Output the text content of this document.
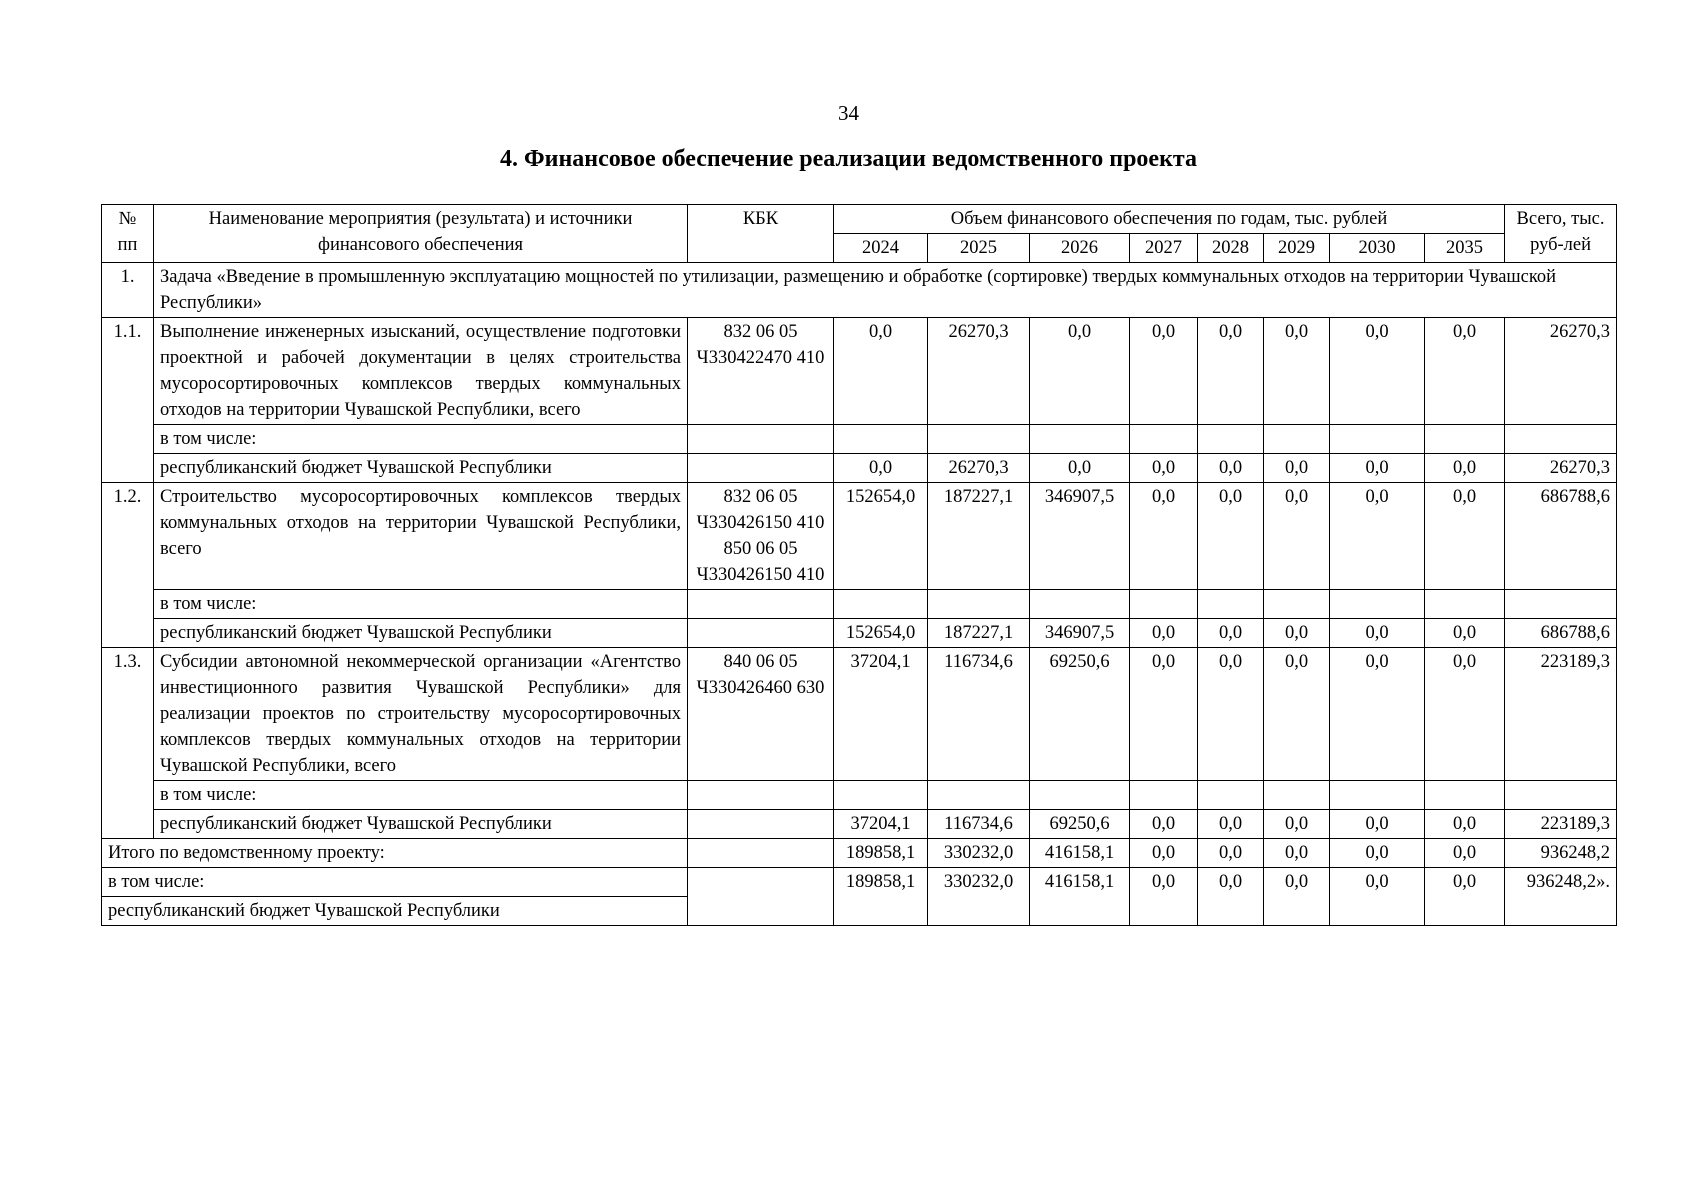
34
4. Финансовое обеспечение реализации ведомственного проекта
№ пп	Наименование мероприятия (результата) и источники финансового обеспечения	КБК	Объем финансового обеспечения по годам, тыс. рублей								Всего, тыс. руб-лей
			2024	2025	2026	2027	2028	2029	2030	2035	
1.	Задача «Введение в промышленную эксплуатацию мощностей по утилизации, размещению и обработке (сортировке) твердых коммунальных отходов на территории Чувашской Республики»										
1.1.	Выполнение инженерных изысканий, осуществление подготовки проектной и рабочей документации в целях строительства мусоросортировочных комплексов твердых коммунальных отходов на территории Чувашской Республики, всего	832 06 05 Ч330422470 410	0,0	26270,3	0,0	0,0	0,0	0,0	0,0	0,0	26270,3
	в том числе:										
	республиканский бюджет Чувашской Республики		0,0	26270,3	0,0	0,0	0,0	0,0	0,0	0,0	26270,3
1.2.	Строительство мусоросортировочных комплексов твердых коммунальных отходов на территории Чувашской Республики, всего	832 06 05 Ч330426150 410 850 06 05 Ч330426150 410	152654,0	187227,1	346907,5	0,0	0,0	0,0	0,0	0,0	686788,6
	в том числе:										
	республиканский бюджет Чувашской Республики		152654,0	187227,1	346907,5	0,0	0,0	0,0	0,0	0,0	686788,6
1.3.	Субсидии автономной некоммерческой организации «Агентство инвестиционного развития Чувашской Республики» для реализации проектов по строительству мусоросортировочных комплексов твердых коммунальных отходов на территории Чувашской Республики, всего	840 06 05 Ч330426460 630	37204,1	116734,6	69250,6	0,0	0,0	0,0	0,0	0,0	223189,3
	в том числе:										
	республиканский бюджет Чувашской Республики		37204,1	116734,6	69250,6	0,0	0,0	0,0	0,0	0,0	223189,3
Итого по ведомственному проекту:			189858,1	330232,0	416158,1	0,0	0,0	0,0	0,0	0,0	936248,2
в том числе:			189858,1	330232,0	416158,1	0,0	0,0	0,0	0,0	0,0	936248,2».
республиканский бюджет Чувашской Республики											
